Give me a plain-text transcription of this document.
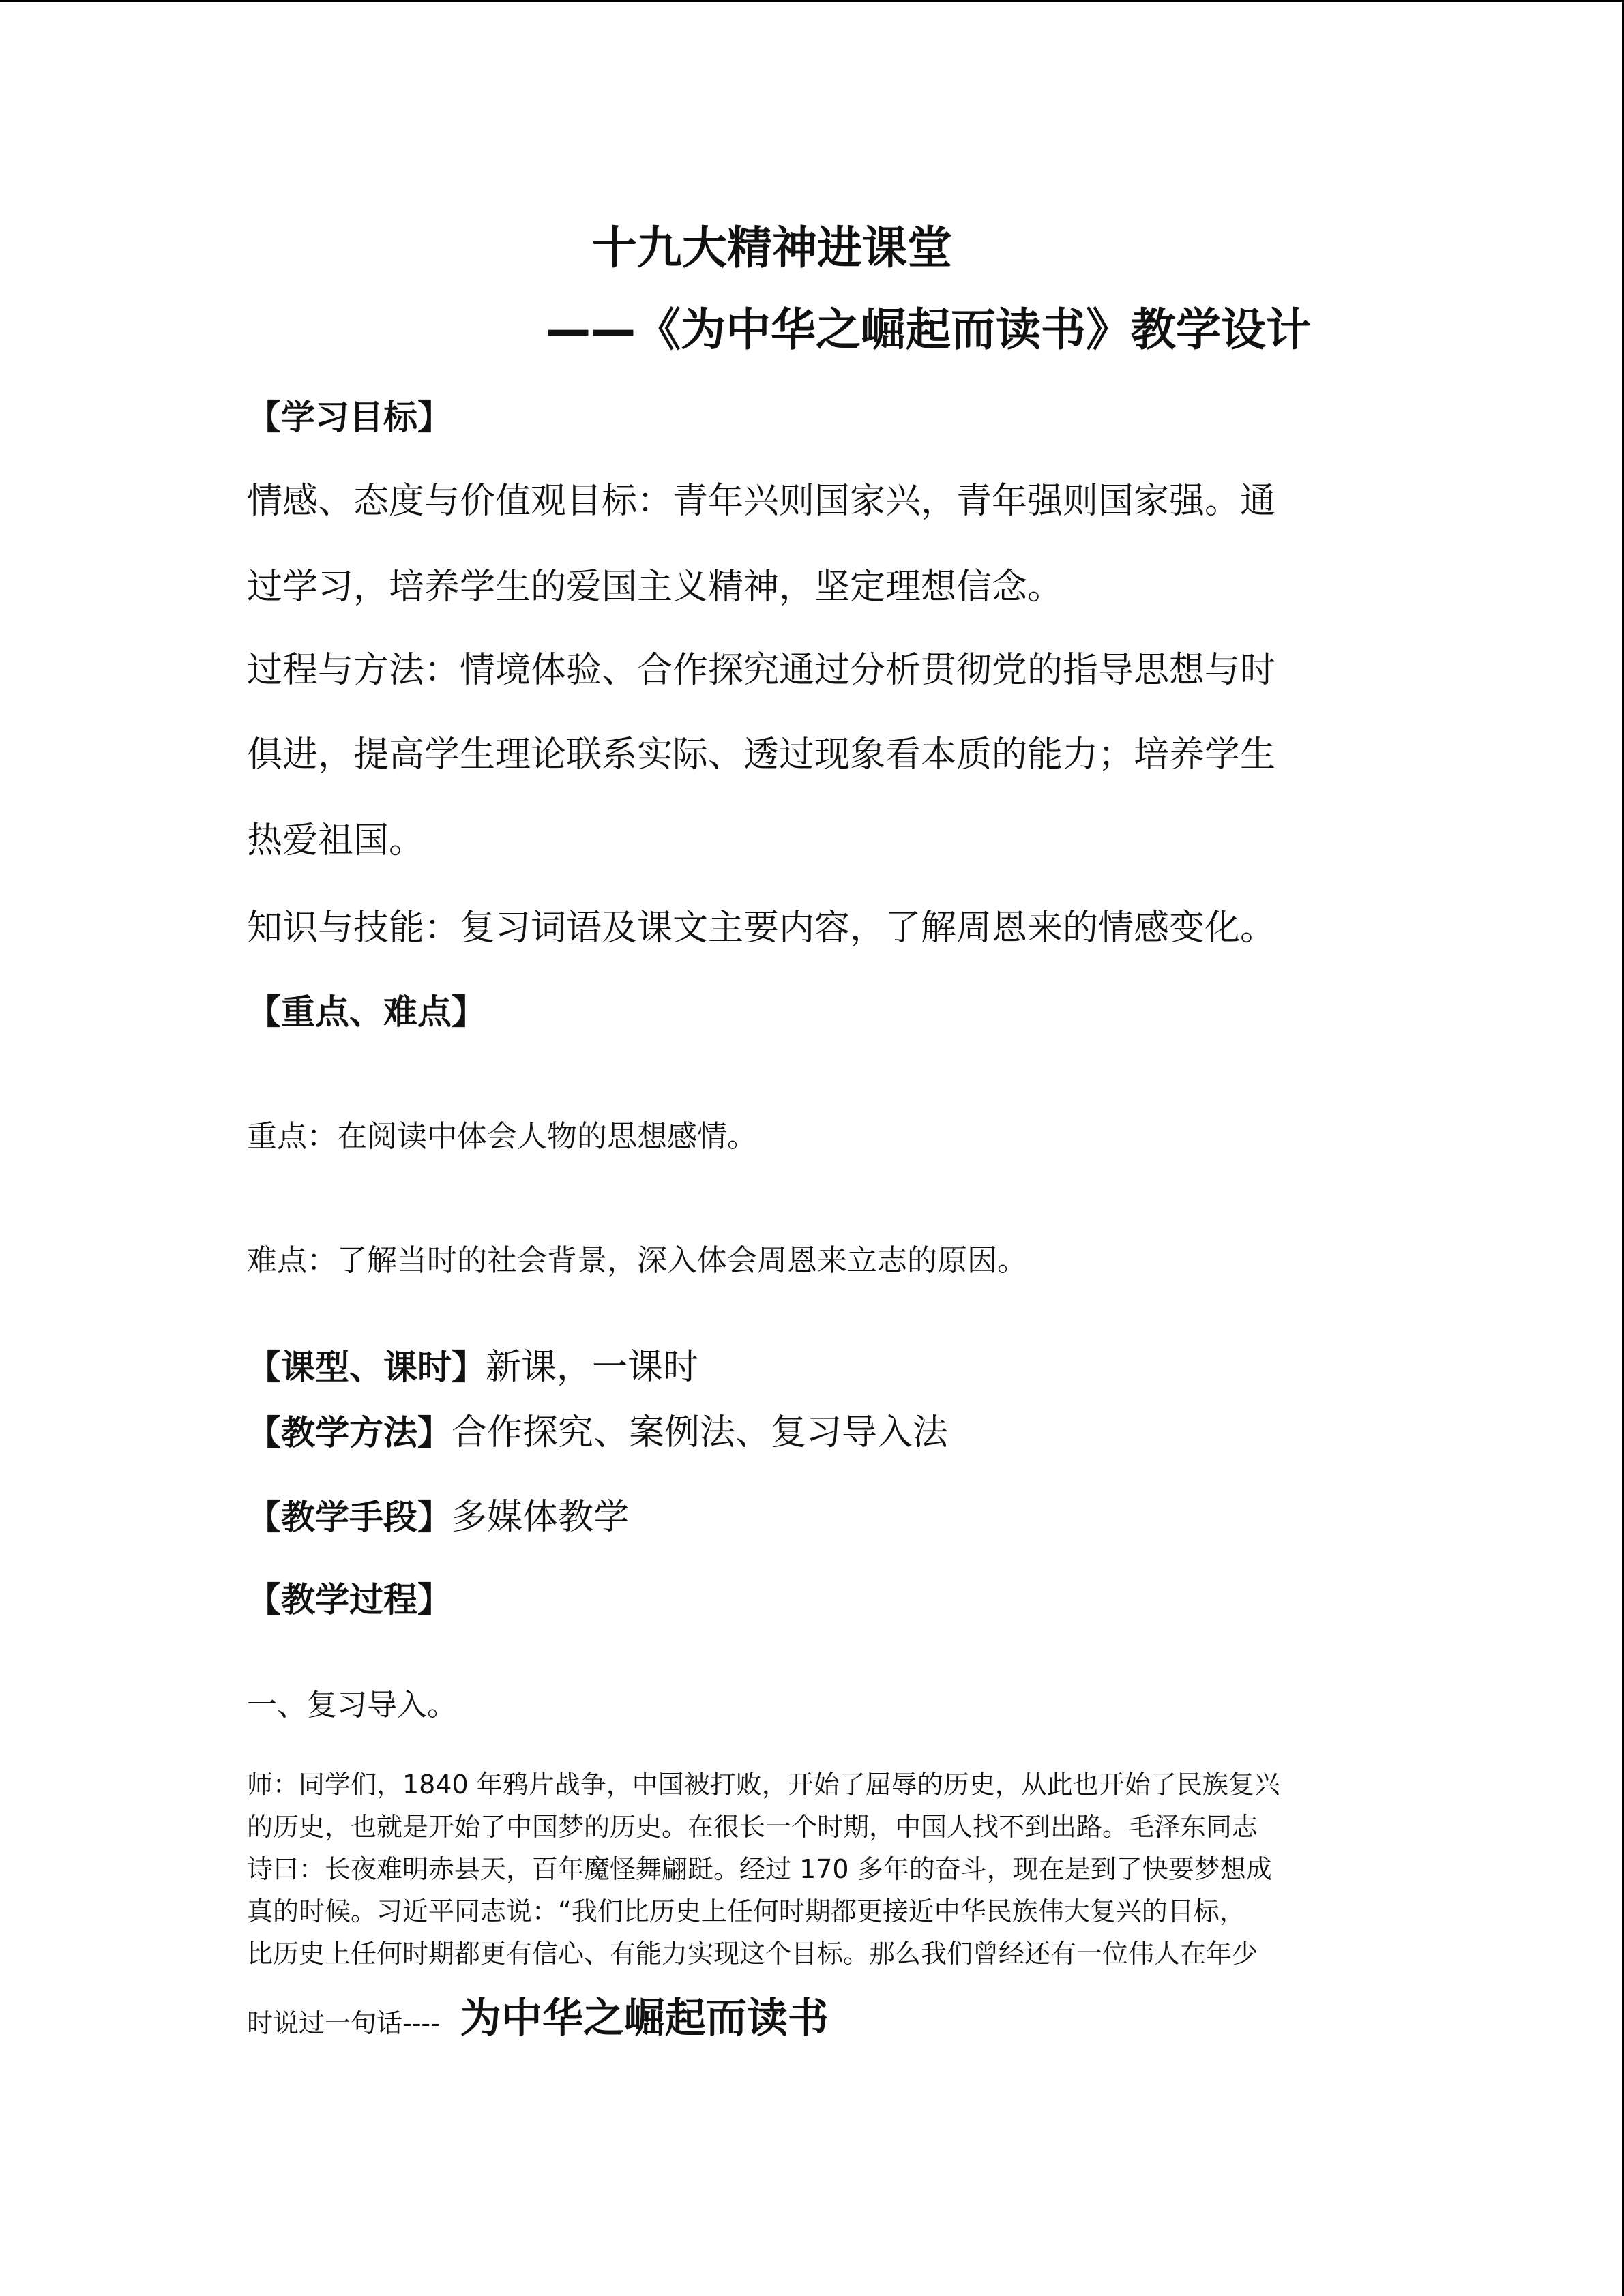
十九大精神进课堂
——《为中华之崛起而读书》教学设计
【学习目标】
情感、态度与价值观目标：青年兴则国家兴，青年强则国家强。通
过学习，培养学生的爱国主义精神，坚定理想信念。
过程与方法：情境体验、合作探究通过分析贯彻党的指导思想与时
俱进，提高学生理论联系实际、透过现象看本质的能力；培养学生
热爱祖国。
知识与技能：复习词语及课文主要内容，了解周恩来的情感变化。
【重点、难点】
重点：在阅读中体会人物的思想感情。
难点：了解当时的社会背景，深入体会周恩来立志的原因。
【课型、课时】新课，一课时
【教学方法】合作探究、案例法、复习导入法
【教学手段】多媒体教学
【教学过程】
一、复习导入。
师：同学们，1840 年鸦片战争，中国被打败，开始了屈辱的历史，从此也开始了民族复兴
的历史，也就是开始了中国梦的历史。在很长一个时期，中国人找不到出路。毛泽东同志
诗曰：长夜难明赤县天，百年魔怪舞翩跹。经过 170 多年的奋斗，现在是到了快要梦想成
真的时候。习近平同志说：“我们比历史上任何时期都更接近中华民族伟大复兴的目标，
比历史上任何时期都更有信心、有能力实现这个目标。那么我们曾经还有一位伟人在年少
时说过一句话---- 为中华之崛起而读书
